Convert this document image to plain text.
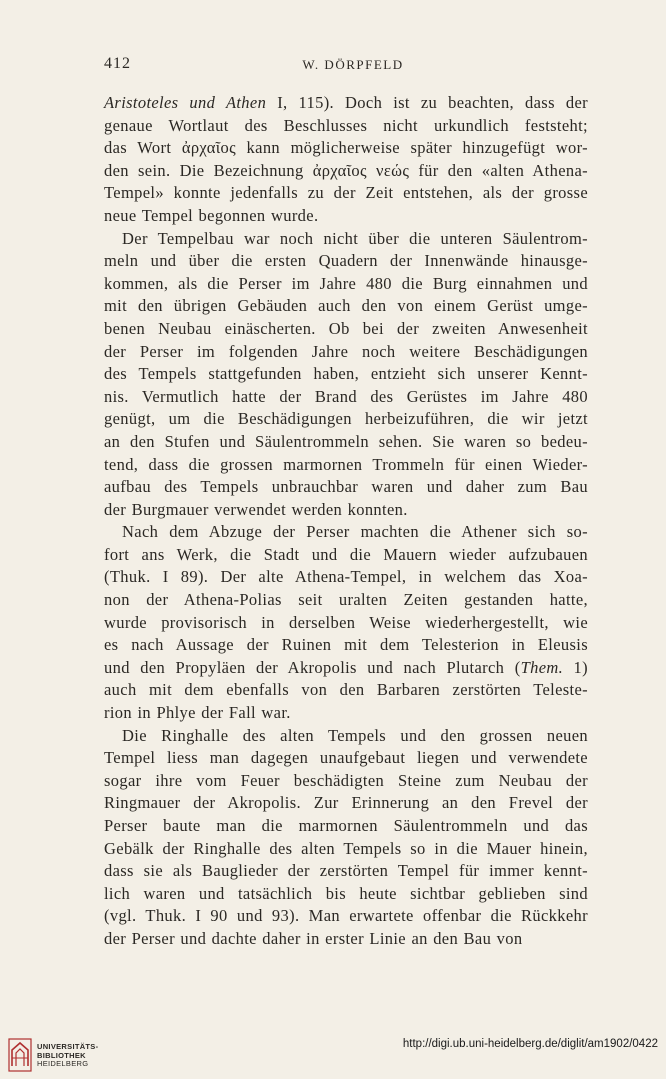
412	W. DÖRPFELD
Aristoteles und Athen I, 115). Doch ist zu beachten, dass der
genaue Wortlaut des Beschlusses nicht urkundlich feststeht;
das Wort ἀρχαῖος kann möglicherweise später hinzugefügt wor-
den sein. Die Bezeichnung ἀρχαῖος νεώς für den «alten Athena-
Tempel» konnte jedenfalls zu der Zeit entstehen, als der grosse
neue Tempel begonnen wurde.
Der Tempelbau war noch nicht über die unteren Säulentrom-
meln und über die ersten Quadern der Innenwände hinausge-
kommen, als die Perser im Jahre 480 die Burg einnahmen und
mit den übrigen Gebäuden auch den von einem Gerüst umge-
benen Neubau einäscherten. Ob bei der zweiten Anwesenheit
der Perser im folgenden Jahre noch weitere Beschädigungen
des Tempels stattgefunden haben, entzieht sich unserer Kennt-
nis. Vermutlich hatte der Brand des Gerüstes im Jahre 480
genügt, um die Beschädigungen herbeizuführen, die wir jetzt
an den Stufen und Säulentrommeln sehen. Sie waren so bedeu-
tend, dass die grossen marmornen Trommeln für einen Wieder-
aufbau des Tempels unbrauchbar waren und daher zum Bau
der Burgmauer verwendet werden konnten.
Nach dem Abzuge der Perser machten die Athener sich so-
fort ans Werk, die Stadt und die Mauern wieder aufzubauen
(Thuk. I 89). Der alte Athena-Tempel, in welchem das Xoa-
non der Athena-Polias seit uralten Zeiten gestanden hatte,
wurde provisorisch in derselben Weise wiederhergestellt, wie
es nach Aussage der Ruinen mit dem Telesterion in Eleusis
und den Propyläen der Akropolis und nach Plutarch (Them. 1)
auch mit dem ebenfalls von den Barbaren zerstörten Teleste-
rion in Phlye der Fall war.
Die Ringhalle des alten Tempels und den grossen neuen
Tempel liess man dagegen unaufgebaut liegen und verwendete
sogar ihre vom Feuer beschädigten Steine zum Neubau der
Ringmauer der Akropolis. Zur Erinnerung an den Frevel der
Perser baute man die marmornen Säulentrommeln und das
Gebälk der Ringhalle des alten Tempels so in die Mauer hinein,
dass sie als Bauglieder der zerstörten Tempel für immer kennt-
lich waren und tatsächlich bis heute sichtbar geblieben sind
(vgl. Thuk. I 90 und 93). Man erwartete offenbar die Rückkehr
der Perser und dachte daher in erster Linie an den Bau von
UNIVERSITÄTS-
BIBLIOTHEK
HEIDELBERG
http://digi.ub.uni-heidelberg.de/diglit/am1902/0422
